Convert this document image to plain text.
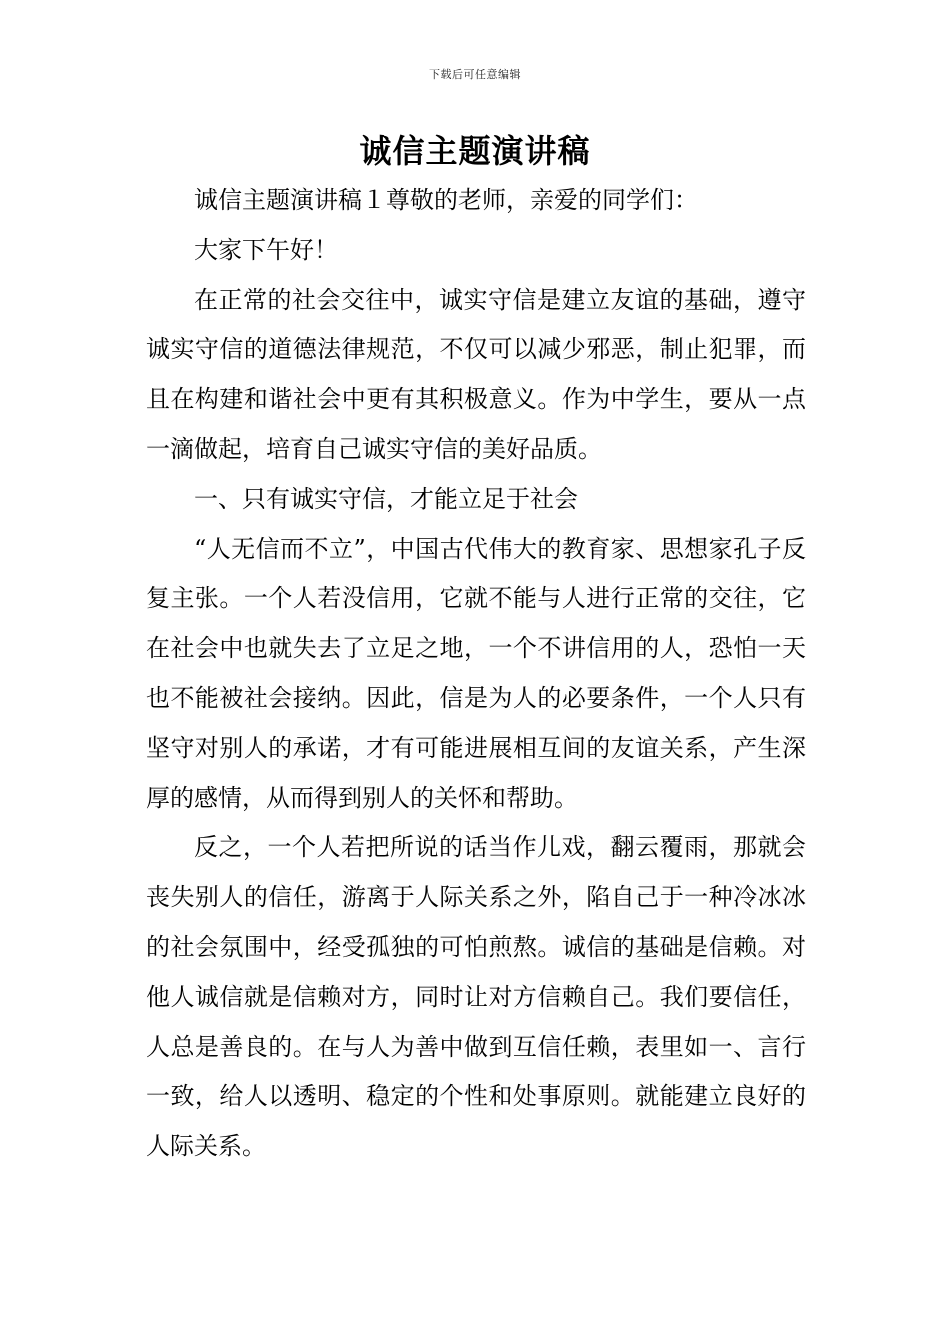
下载后可任意编辑
诚信主题演讲稿

诚信主题演讲稿１尊敬的老师，亲爱的同学们：

大家下午好！

在正常的社会交往中，诚实守信是建立友谊的基础，遵守诚实守信的道德法律规范，不仅可以减少邪恶，制止犯罪，而且在构建和谐社会中更有其积极意义。作为中学生，要从一点一滴做起，培育自己诚实守信的美好品质。

一、只有诚实守信，才能立足于社会

“人无信而不立”，中国古代伟大的教育家、思想家孔子反复主张。一个人若没信用，它就不能与人进行正常的交往，它在社会中也就失去了立足之地，一个不讲信用的人，恐怕一天也不能被社会接纳。因此，信是为人的必要条件，一个人只有坚守对别人的承诺，才有可能进展相互间的友谊关系，产生深厚的感情，从而得到别人的关怀和帮助。

反之，一个人若把所说的话当作儿戏，翻云覆雨，那就会丧失别人的信任，游离于人际关系之外，陷自己于一种冷冰冰的社会氛围中，经受孤独的可怕煎熬。诚信的基础是信赖。对他人诚信就是信赖对方，同时让对方信赖自己。我们要信任，人总是善良的。在与人为善中做到互信任赖，表里如一、言行一致，给人以透明、稳定的个性和处事原则。就能建立良好的人际关系。
